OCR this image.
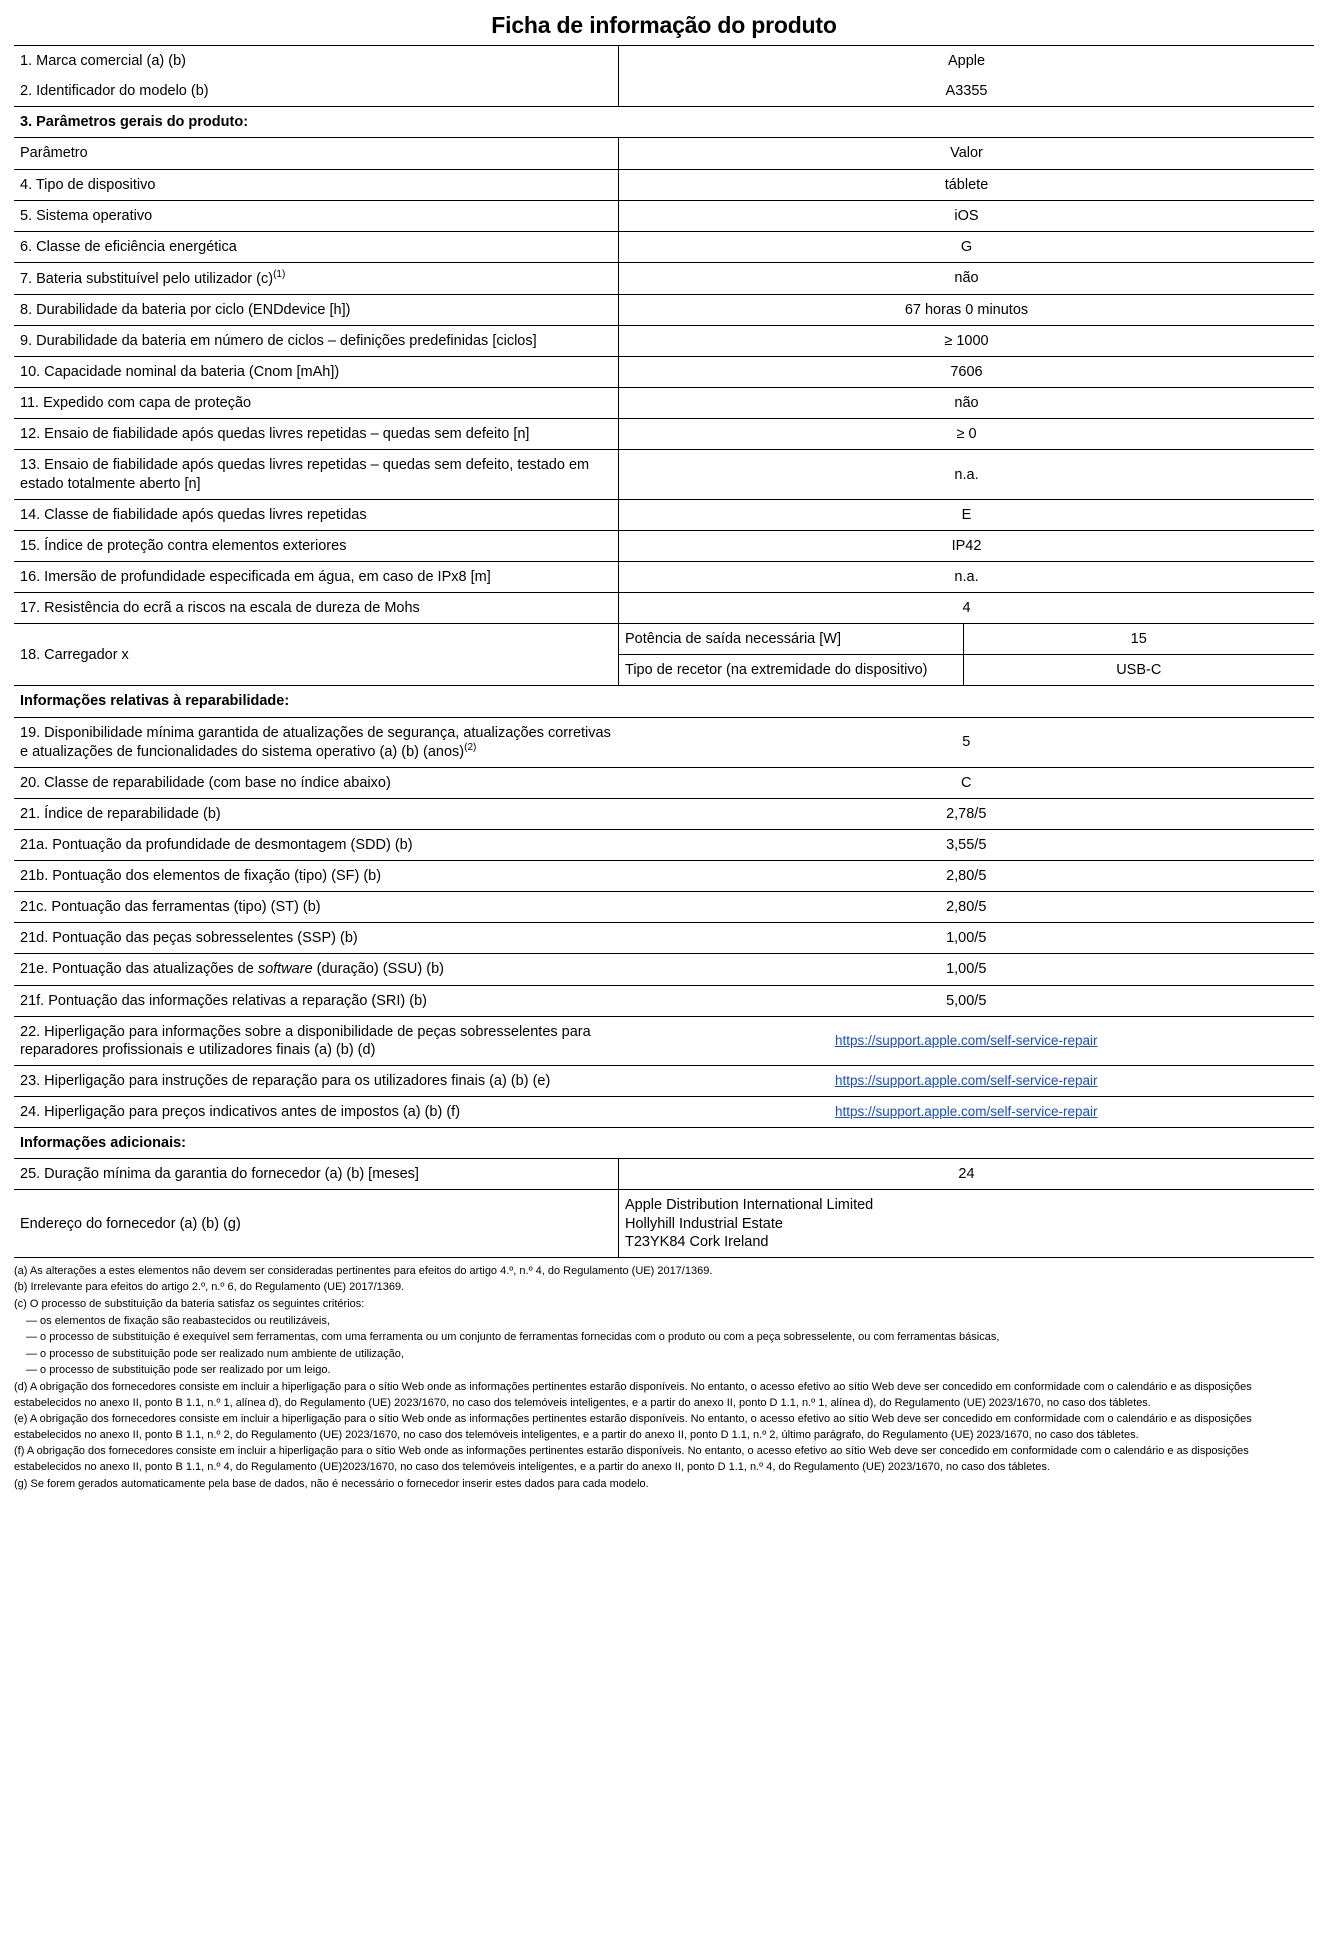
Ficha de informação do produto
1. Marca comercial (a) (b)	Apple	
2. Identificador do modelo (b)	A3355	
3. Parâmetros gerais do produto:		
Parâmetro	Valor	
4. Tipo de dispositivo	táblete	
5. Sistema operativo	iOS	
6. Classe de eficiência energética	G	
7. Bateria substituível pelo utilizador $(c)^{(1)}$	não	
8. Durabilidade da bateria por ciclo (ENDdevice [h])	67 horas 0 minutos	
9. Durabilidade da bateria em número de ciclos – definições predefinidas [ciclos]	≥ 1000	
10. Capacidade nominal da bateria (Cnom [mAh])	7606	
11. Expedido com capa de proteção	não	
12. Ensaio de fiabilidade após quedas livres repetidas – quedas sem defeito [n]	≥ 0	
13. Ensaio de fiabilidade após quedas livres repetidas – quedas sem defeito, testado em estado totalmente aberto [n]	n.a.	
14. Classe de fiabilidade após quedas livres repetidas	E	
15. Índice de proteção contra elementos exteriores	IP42	
16. Imersão de profundidade especificada em água, em caso de IPx8 [m]	n.a.	
17. Resistência do ecrã a riscos na escala de dureza de Mohs	4	
18. Carregador x	Potência de saída necessária [W]	15
	Tipo de recetor (na extremidade do dispositivo)	USB-C
Informações relativas à reparabilidade:		
19. Disponibilidade mínima garantida de atualizações de segurança, atualizações corretivas e atualizações de funcionalidades do sistema operativo (a) (b) (anos)$^{(2)}$	5	
20. Classe de reparabilidade (com base no índice abaixo)	C	
21. Índice de reparabilidade (b)	2,78/5	
21a. Pontuação da profundidade de desmontagem (SDD) (b)	3,55/5	
21b. Pontuação dos elementos de fixação (tipo) (SF) (b)	2,80/5	
21c. Pontuação das ferramentas (tipo) (ST) (b)	2,80/5	
21d. Pontuação das peças sobresselentes (SSP) (b)	1,00/5	
21e. Pontuação das atualizações de software (duração) (SSU) (b)	1,00/5	
21f. Pontuação das informações relativas a reparação (SRI) (b)	5,00/5	
22. Hiperligação para informações sobre a disponibilidade de peças sobresselentes para reparadores profissionais e utilizadores finais (a) (b) (d)	https://support.apple.com/self-service-repair	
23. Hiperligação para instruções de reparação para os utilizadores finais (a) (b) (e)	https://support.apple.com/self-service-repair	
24. Hiperligação para preços indicativos antes de impostos (a) (b) (f)	https://support.apple.com/self-service-repair	
Informações adicionais:		
25. Duração mínima da garantia do fornecedor (a) (b) [meses]	24	
Endereço do fornecedor (a) (b) (g)	Apple Distribution International Limited
Hollyhill Industrial Estate
T23YK84 Cork Ireland	

(a) As alterações a estes elementos não devem ser consideradas pertinentes para efeitos do artigo 4.º, n.º 4, do Regulamento (UE) 2017/1369.

(b) Irrelevante para efeitos do artigo 2.º, n.º 6, do Regulamento (UE) 2017/1369.

(c) O processo de substituição da bateria satisfaz os seguintes critérios:

— os elementos de fixação são reabastecidos ou reutilizáveis,

— o processo de substituição é exequível sem ferramentas, com uma ferramenta ou um conjunto de ferramentas fornecidas com o produto ou com a peça sobresselente, ou com ferramentas básicas,

— o processo de substituição pode ser realizado num ambiente de utilização,

— o processo de substituição pode ser realizado por um leigo.

(d) A obrigação dos fornecedores consiste em incluir a hiperligação para o sítio Web onde as informações pertinentes estarão disponíveis. No entanto, o acesso efetivo ao sítio Web deve ser concedido em conformidade com o calendário e as disposições estabelecidos no anexo II, ponto B 1.1, n.º 1, alínea d), do Regulamento (UE) 2023/1670, no caso dos telemóveis inteligentes, e a partir do anexo II, ponto D 1.1, n.º 1, alínea d), do Regulamento (UE) 2023/1670, no caso dos tábletes.

(e) A obrigação dos fornecedores consiste em incluir a hiperligação para o sítio Web onde as informações pertinentes estarão disponíveis. No entanto, o acesso efetivo ao sítio Web deve ser concedido em conformidade com o calendário e as disposições estabelecidos no anexo II, ponto B 1.1, n.º 2, do Regulamento (UE) 2023/1670, no caso dos telemóveis inteligentes, e a partir do anexo II, ponto D 1.1, n.º 2, último parágrafo, do Regulamento (UE) 2023/1670, no caso dos tábletes.

(f) A obrigação dos fornecedores consiste em incluir a hiperligação para o sítio Web onde as informações pertinentes estarão disponíveis. No entanto, o acesso efetivo ao sítio Web deve ser concedido em conformidade com o calendário e as disposições estabelecidos no anexo II, ponto B 1.1, n.º 4, do Regulamento (UE)2023/1670, no caso dos telemóveis inteligentes, e a partir do anexo II, ponto D 1.1, n.º 4, do Regulamento (UE) 2023/1670, no caso dos tábletes.

(g) Se forem gerados automaticamente pela base de dados, não é necessário o fornecedor inserir estes dados para cada modelo.
